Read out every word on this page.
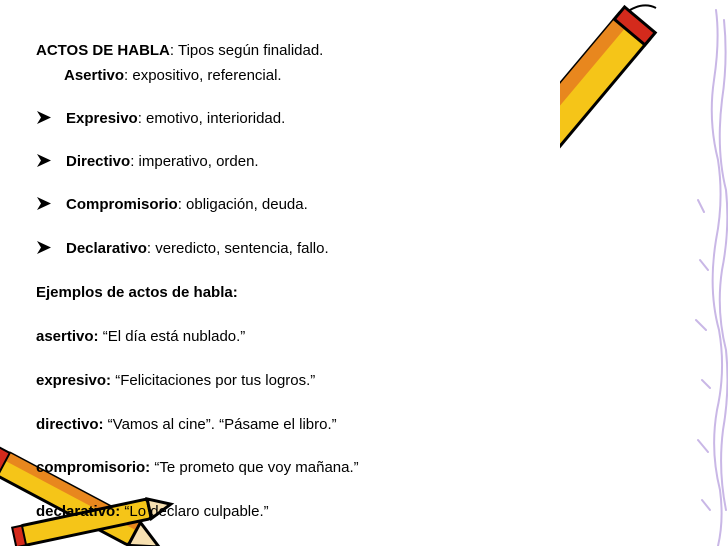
ACTOS DE HABLA: Tipos según finalidad.
Asertivo: expositivo, referencial.
Expresivo: emotivo, interioridad.
Directivo: imperativo, orden.
Compromisorio: obligación, deuda.
Declarativo: veredicto, sentencia, fallo.
Ejemplos de actos de habla:
asertivo: “El día está nublado.”
expresivo: “Felicitaciones por tus logros.”
directivo: “Vamos al cine”. “Pásame el libro.”
compromisorio: “Te prometo que voy mañana.”
declarativo: “Lo declaro culpable.”
